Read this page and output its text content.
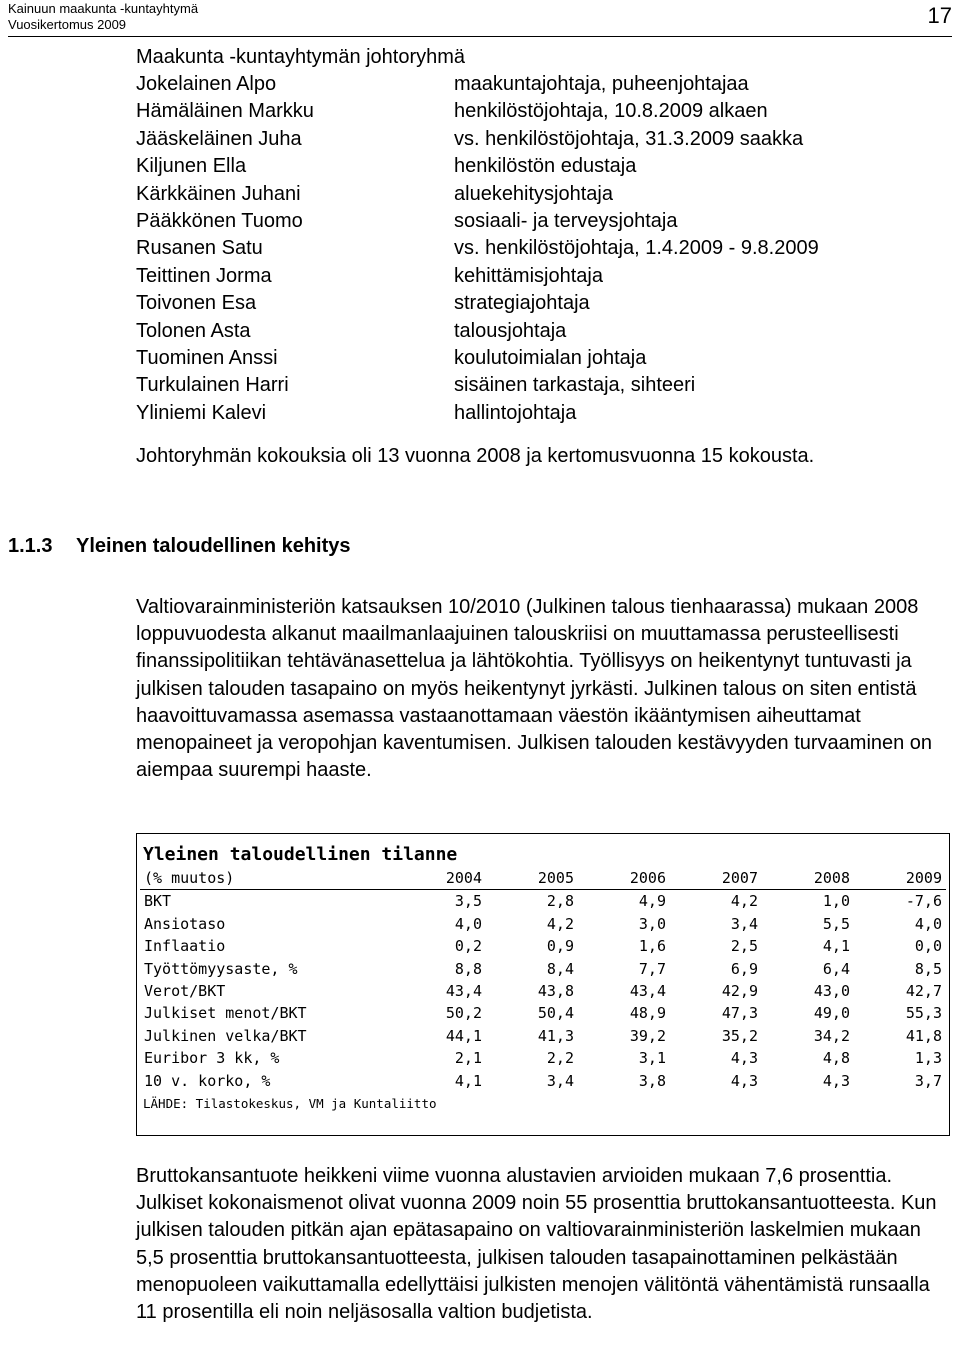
Kainuun maakunta -kuntayhtymä
Vuosikertomus 2009	17
Maakunta -kuntayhtymän johtoryhmä
Jokelainen Alpo	maakuntajohtaja, puheenjohtajaa
Hämäläinen Markku	henkilöstöjohtaja, 10.8.2009 alkaen
Jääskeläinen Juha	vs. henkilöstöjohtaja, 31.3.2009 saakka
Kiljunen Ella	henkilöstön edustaja
Kärkkäinen Juhani	aluekehitysjohtaja
Pääkkönen Tuomo	sosiaali- ja terveysjohtaja
Rusanen Satu	vs. henkilöstöjohtaja, 1.4.2009 - 9.8.2009
Teittinen Jorma	kehittämisjohtaja
Toivonen Esa	strategiajohtaja
Tolonen Asta	talousjohtaja
Tuominen Anssi	koulutoimialan johtaja
Turkulainen Harri	sisäinen tarkastaja, sihteeri
Yliniemi Kalevi	hallintojohtaja
Johtoryhmän kokouksia oli 13 vuonna 2008 ja kertomusvuonna 15 kokousta.
1.1.3 Yleinen taloudellinen kehitys

Valtiovarainministeriön katsauksen 10/2010 (Julkinen talous tienhaarassa) mukaan 2008 loppuvuodesta alkanut maailmanlaajuinen talouskriisi on muuttamassa perusteellisesti finanssipolitiikan tehtävänasettelua ja lähtökohtia. Työllisyys on heikentynyt tuntuvasti ja julkisen talouden tasapaino on myös heikentynyt jyrkästi. Julkinen talous on siten entistä haavoittuvamassa asemassa vastaanottamaan väestön ikääntymisen aiheuttamat menopaineet ja veropohjan kaventumisen. Julkisen talouden kestävyyden turvaaminen on aiempaa suurempi haaste.

Yleinen taloudellinen tilanne
(% muutos)	2004	2005	2006	2007	2008	2009
BKT	3,5	2,8	4,9	4,2	1,0	-7,6
Ansiotaso	4,0	4,2	3,0	3,4	5,5	4,0
Inflaatio	0,2	0,9	1,6	2,5	4,1	0,0
Työttömyysaste, %	8,8	8,4	7,7	6,9	6,4	8,5
Verot/BKT	43,4	43,8	43,4	42,9	43,0	42,7
Julkiset menot/BKT	50,2	50,4	48,9	47,3	49,0	55,3
Julkinen velka/BKT	44,1	41,3	39,2	35,2	34,2	41,8
Euribor 3 kk, %	2,1	2,2	3,1	4,3	4,8	1,3
10 v. korko, %	4,1	3,4	3,8	4,3	4,3	3,7
LÄHDE: Tilastokeskus, VM ja Kuntaliitto

Bruttokansantuote heikkeni viime vuonna alustavien arvioiden mukaan 7,6 prosenttia. Julkiset kokonaismenot olivat vuonna 2009 noin 55 prosenttia bruttokansantuotteesta. Kun julkisen talouden pitkän ajan epätasapaino on valtiovarainministeriön laskelmien mukaan 5,5 prosenttia bruttokansantuotteesta, julkisen talouden tasapainottaminen pelkästään menopuoleen vaikuttamalla edellyttäisi julkisten menojen välitöntä vähentämistä runsaalla 11 prosentilla eli noin neljäsosalla valtion budjetista.
